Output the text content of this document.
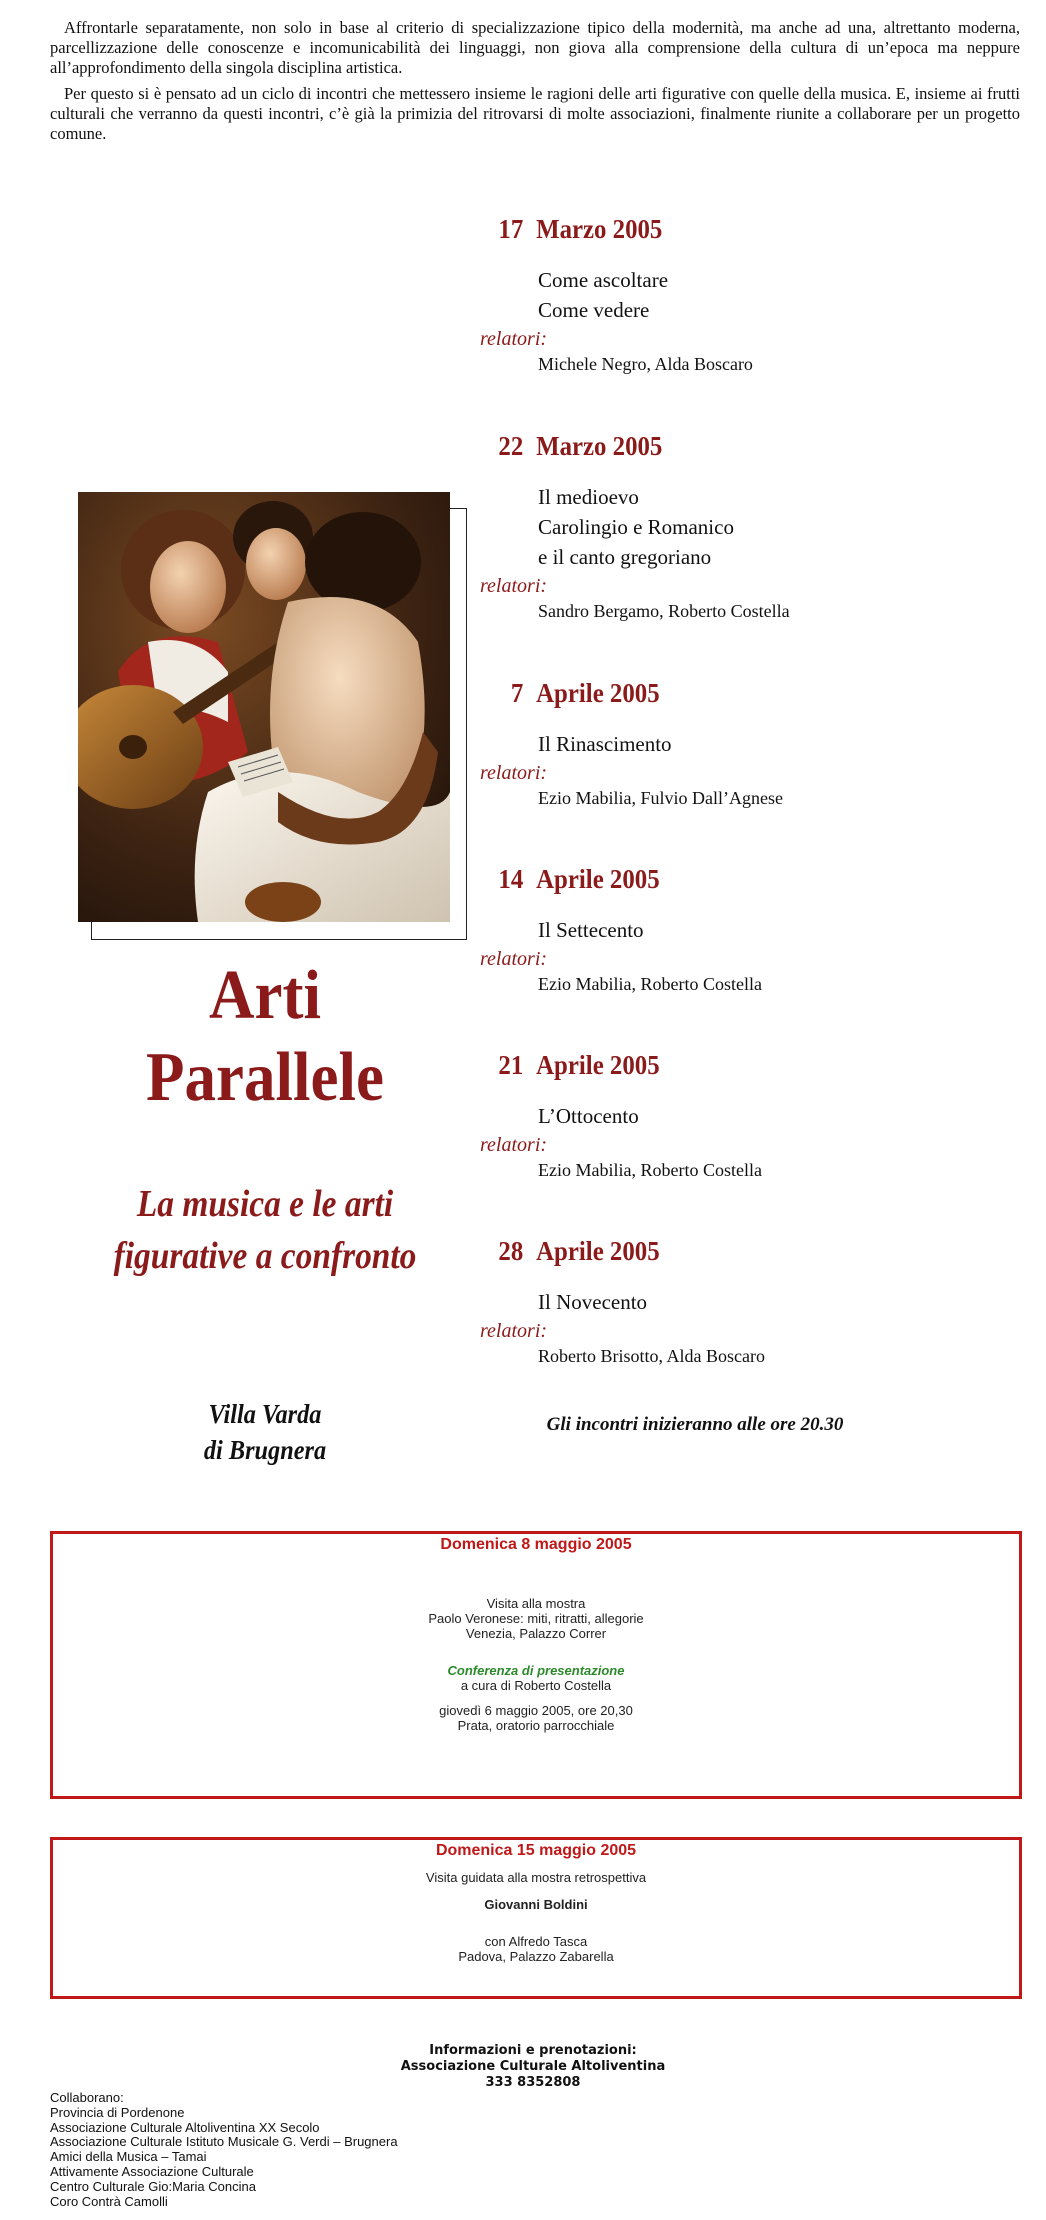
Affrontarle separatamente, non solo in base al criterio di specializzazione tipico della modernità, ma anche ad una, altrettanto moderna, parcellizzazione delle conoscenze e incomunicabilità dei linguaggi, non giova alla comprensione della cultura di un’epoca ma neppure all’approfondimento della singola disciplina artistica.

Per questo si è pensato ad un ciclo di incontri che mettessero insieme le ragioni delle arti figurative con quelle della musica. E, insieme ai frutti culturali che verranno da questi incontri, c’è già la primizia del ritrovarsi di molte associazioni, finalmente riunite a collaborare per un progetto comune.

17 Marzo 2005
Come ascoltare
Come vedere
relatori:
Michele Negro, Alda Boscaro
22 Marzo 2005
Il medioevo
Carolingio e Romanico
e il canto gregoriano
relatori:
Sandro Bergamo, Roberto Costella
7 Aprile 2005
Il Rinascimento
relatori:
Ezio Mabilia, Fulvio Dall’Agnese
14 Aprile 2005
Il Settecento
relatori:
Ezio Mabilia, Roberto Costella
21 Aprile 2005
L’Ottocento
relatori:
Ezio Mabilia, Roberto Costella
28 Aprile 2005
Il Novecento
relatori:
Roberto Brisotto, Alda Boscaro
Arti
Parallele
La musica e le arti
figurative a confronto
Villa Varda
di Brugnera
Gli incontri inizieranno alle ore 20.30
Domenica 8 maggio 2005
Visita alla mostra
Paolo Veronese: miti, ritratti, allegorie
Venezia, Palazzo Correr
Conferenza di presentazione
a cura di Roberto Costella
giovedì 6 maggio 2005, ore 20,30
Prata, oratorio parrocchiale
Domenica 15 maggio 2005
Visita guidata alla mostra retrospettiva
Giovanni Boldini
con Alfredo Tasca
Padova, Palazzo Zabarella
Informazioni e prenotazioni:
Associazione Culturale Altoliventina
333 8352808
Collaborano:
Provincia di Pordenone
Associazione Culturale Altoliventina XX Secolo
Associazione Culturale Istituto Musicale G. Verdi – Brugnera
Amici della Musica – Tamai
Attivamente Associazione Culturale
Centro Culturale Gio:Maria Concina
Coro Contrà Camolli
